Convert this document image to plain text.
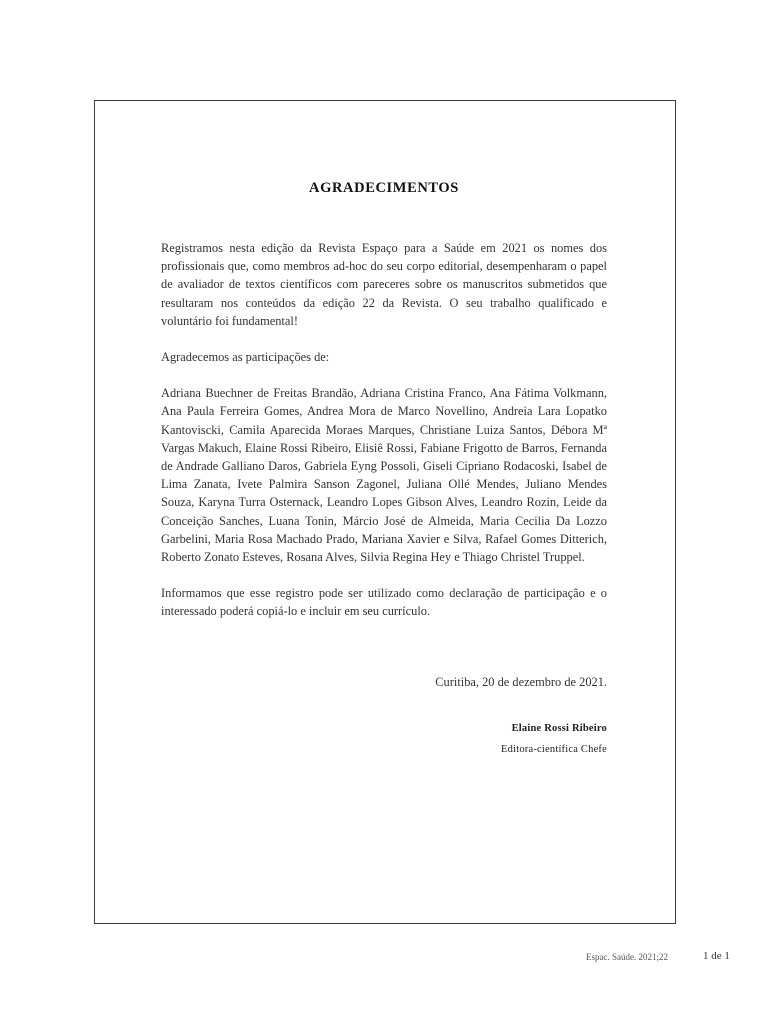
AGRADECIMENTOS

Registramos nesta edição da Revista Espaço para a Saúde em 2021 os nomes dos profissionais que, como membros ad-hoc do seu corpo editorial, desempenharam o papel de avaliador de textos científicos com pareceres sobre os manuscritos submetidos que resultaram nos conteúdos da edição 22 da Revista. O seu trabalho qualificado e voluntário foi fundamental!

Agradecemos as participações de:

Adriana Buechner de Freitas Brandão, Adriana Cristina Franco, Ana Fátima Volkmann, Ana Paula Ferreira Gomes, Andrea Mora de Marco Novellino, Andreia Lara Lopatko Kantoviscki, Camila Aparecida Moraes Marques, Christiane Luiza Santos, Débora Mª Vargas Makuch, Elaine Rossi Ribeiro, Elisiê Rossi, Fabiane Frigotto de Barros, Fernanda de Andrade Galliano Daros, Gabriela Eyng Possoli, Giseli Cipriano Rodacoski, Isabel de Lima Zanata, Ivete Palmira Sanson Zagonel, Juliana Ollé Mendes, Juliano Mendes Souza, Karyna Turra Osternack, Leandro Lopes Gibson Alves, Leandro Rozin, Leide da Conceição Sanches, Luana Tonin, Márcio José de Almeida, Maria Cecilia Da Lozzo Garbelini, Maria Rosa Machado Prado, Mariana Xavier e Silva, Rafael Gomes Ditterich, Roberto Zonato Esteves, Rosana Alves, Silvia Regina Hey e Thiago Christel Truppel.

Informamos que esse registro pode ser utilizado como declaração de participação e o interessado poderá copiá-lo e incluir em seu currículo.

Curitiba, 20 de dezembro de 2021.

Elaine Rossi Ribeiro

Editora-científica Chefe

Espac. Saúde. 2021;22	1 de 1
